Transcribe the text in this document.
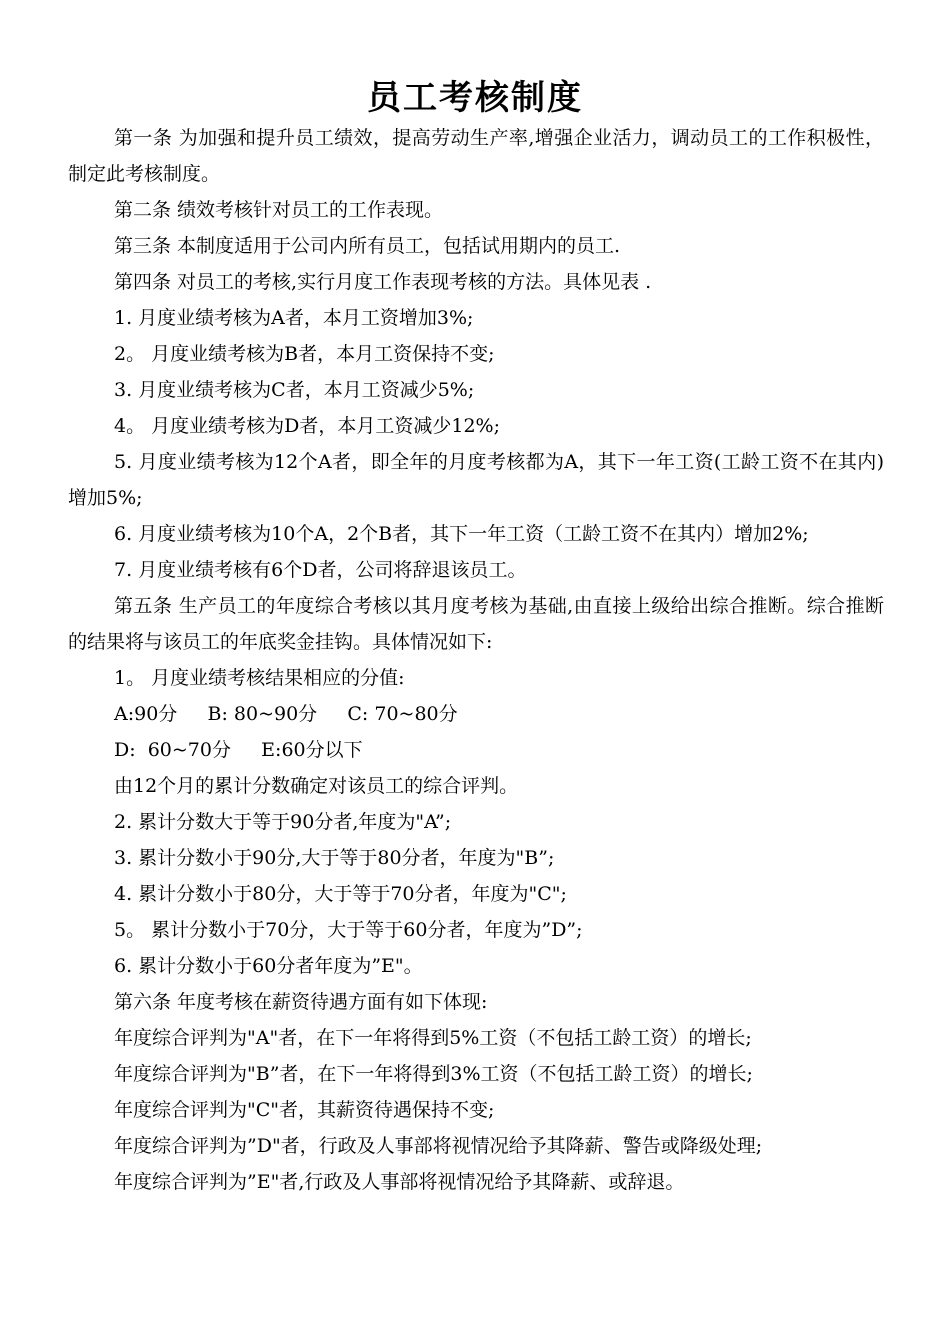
员工考核制度

第一条 为加强和提升员工绩效，提高劳动生产率,增强企业活力，调动员工的工作积极性，制定此考核制度。

第二条 绩效考核针对员工的工作表现。

第三条 本制度适用于公司内所有员工，包括试用期内的员工.

第四条 对员工的考核,实行月度工作表现考核的方法。具体见表 .

1. 月度业绩考核为A者，本月工资增加3%;

2。 月度业绩考核为B者，本月工资保持不变;

3. 月度业绩考核为C者，本月工资减少5%;

4。 月度业绩考核为D者，本月工资减少12%;

5. 月度业绩考核为12个A者，即全年的月度考核都为A，其下一年工资(工龄工资不在其内)增加5%;

6. 月度业绩考核为10个A，2个B者，其下一年工资（工龄工资不在其内）增加2%;

7. 月度业绩考核有6个D者，公司将辞退该员工。

第五条 生产员工的年度综合考核以其月度考核为基础,由直接上级给出综合推断。综合推断的结果将与该员工的年底奖金挂钩。具体情况如下:

1。 月度业绩考核结果相应的分值:

A:90分     B: 80~90分     C: 70~80分

D:  60~70分     E:60分以下

由12个月的累计分数确定对该员工的综合评判。

2. 累计分数大于等于90分者,年度为"A”;

3. 累计分数小于90分,大于等于80分者，年度为"B”;

4. 累计分数小于80分，大于等于70分者，年度为"C";

5。 累计分数小于70分，大于等于60分者，年度为”D”;

6. 累计分数小于60分者年度为”E"。

第六条 年度考核在薪资待遇方面有如下体现:

年度综合评判为"A"者，在下一年将得到5%工资（不包括工龄工资）的增长;

年度综合评判为"B”者，在下一年将得到3%工资（不包括工龄工资）的增长;

年度综合评判为"C"者，其薪资待遇保持不变;

年度综合评判为”D"者，行政及人事部将视情况给予其降薪、警告或降级处理;

年度综合评判为”E"者,行政及人事部将视情况给予其降薪、或辞退。
